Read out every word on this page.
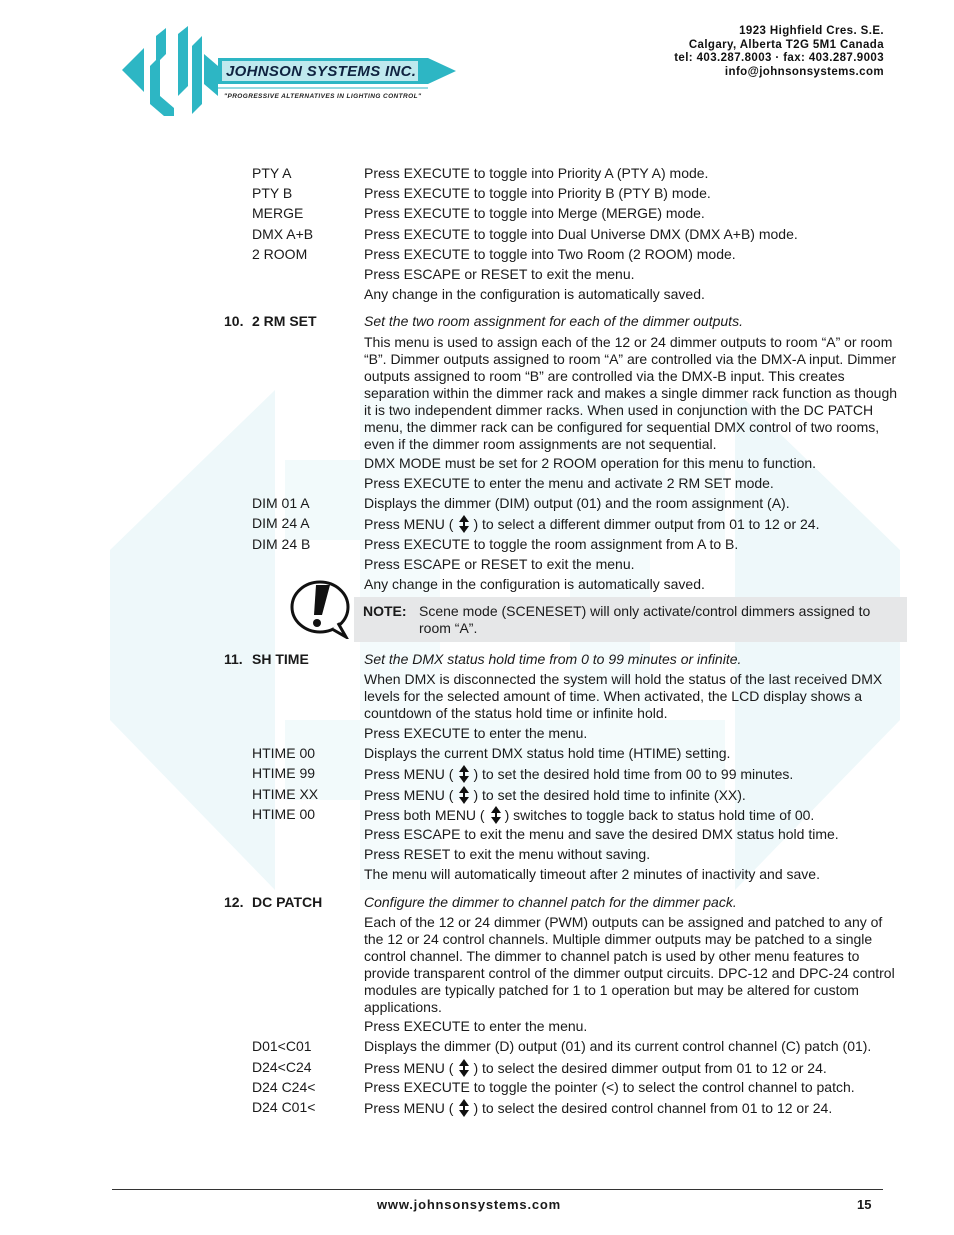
JOHNSON SYSTEMS INC.
"PROGRESSIVE ALTERNATIVES IN LIGHTING CONTROL"
1923 Highfield Cres. S.E.
Calgary, Alberta T2G 5M1 Canada
tel: 403.287.8003 · fax: 403.287.9003
info@johnsonsystems.com
PTY A	Press EXECUTE to toggle into Priority A (PTY A) mode.
PTY B	Press EXECUTE to toggle into Priority B (PTY B) mode.
MERGE	Press EXECUTE to toggle into Merge (MERGE) mode.
DMX A+B	Press EXECUTE to toggle into Dual Universe DMX (DMX A+B) mode.
2 ROOM	Press EXECUTE to toggle into Two Room (2 ROOM) mode.
Press ESCAPE or RESET to exit the menu.
Any change in the configuration is automatically saved.
10. 2 RM SET	Set the two room assignment for each of the dimmer outputs.
This menu is used to assign each of the 12 or 24 dimmer outputs to room “A” or room “B”. Dimmer outputs assigned to room “A” are controlled via the DMX-A input. Dimmer outputs assigned to room “B” are controlled via the DMX-B input. This creates separation within the dimmer rack and makes a single dimmer rack function as though it is two independent dimmer racks. When used in conjunction with the DC PATCH menu, the dimmer rack can be configured for sequential DMX control of two rooms, even if the dimmer room assignments are not sequential.
DMX MODE must be set for 2 ROOM operation for this menu to function.
Press EXECUTE to enter the menu and activate 2 RM SET mode.
DIM 01 A	Displays the dimmer (DIM) output (01) and the room assignment (A).
DIM 24 A	Press MENU ( ) to select a different dimmer output from 01 to 12 or 24.
DIM 24 B	Press EXECUTE to toggle the room assignment from A to B.
Press ESCAPE or RESET to exit the menu.
Any change in the configuration is automatically saved.
NOTE: Scene mode (SCENESET) will only activate/control dimmers assigned to room “A”.
11. SH TIME	Set the DMX status hold time from 0 to 99 minutes or infinite.
When DMX is disconnected the system will hold the status of the last received DMX levels for the selected amount of time. When activated, the LCD display shows a countdown of the status hold time or infinite hold.
Press EXECUTE to enter the menu.
HTIME 00	Displays the current DMX status hold time (HTIME) setting.
HTIME 99	Press MENU ( ) to set the desired hold time from 00 to 99 minutes.
HTIME XX	Press MENU ( ) to set the desired hold time to infinite (XX).
HTIME 00	Press both MENU ( ) switches to toggle back to status hold time of 00.
Press ESCAPE to exit the menu and save the desired DMX status hold time.
Press RESET to exit the menu without saving.
The menu will automatically timeout after 2 minutes of inactivity and save.
12. DC PATCH	Configure the dimmer to channel patch for the dimmer pack.
Each of the 12 or 24 dimmer (PWM) outputs can be assigned and patched to any of the 12 or 24 control channels. Multiple dimmer outputs may be patched to a single control channel. The dimmer to channel patch is used by other menu features to provide transparent control of the dimmer output circuits. DPC-12 and DPC-24 control modules are typically patched for 1 to 1 operation but may be altered for custom applications.
Press EXECUTE to enter the menu.
D01<C01	Displays the dimmer (D) output (01) and its current control channel (C) patch (01).
D24<C24	Press MENU ( ) to select the desired dimmer output from 01 to 12 or 24.
D24 C24<	Press EXECUTE to toggle the pointer (<) to select the control channel to patch.
D24 C01<	Press MENU ( ) to select the desired control channel from 01 to 12 or 24.
www.johnsonsystems.com	15
